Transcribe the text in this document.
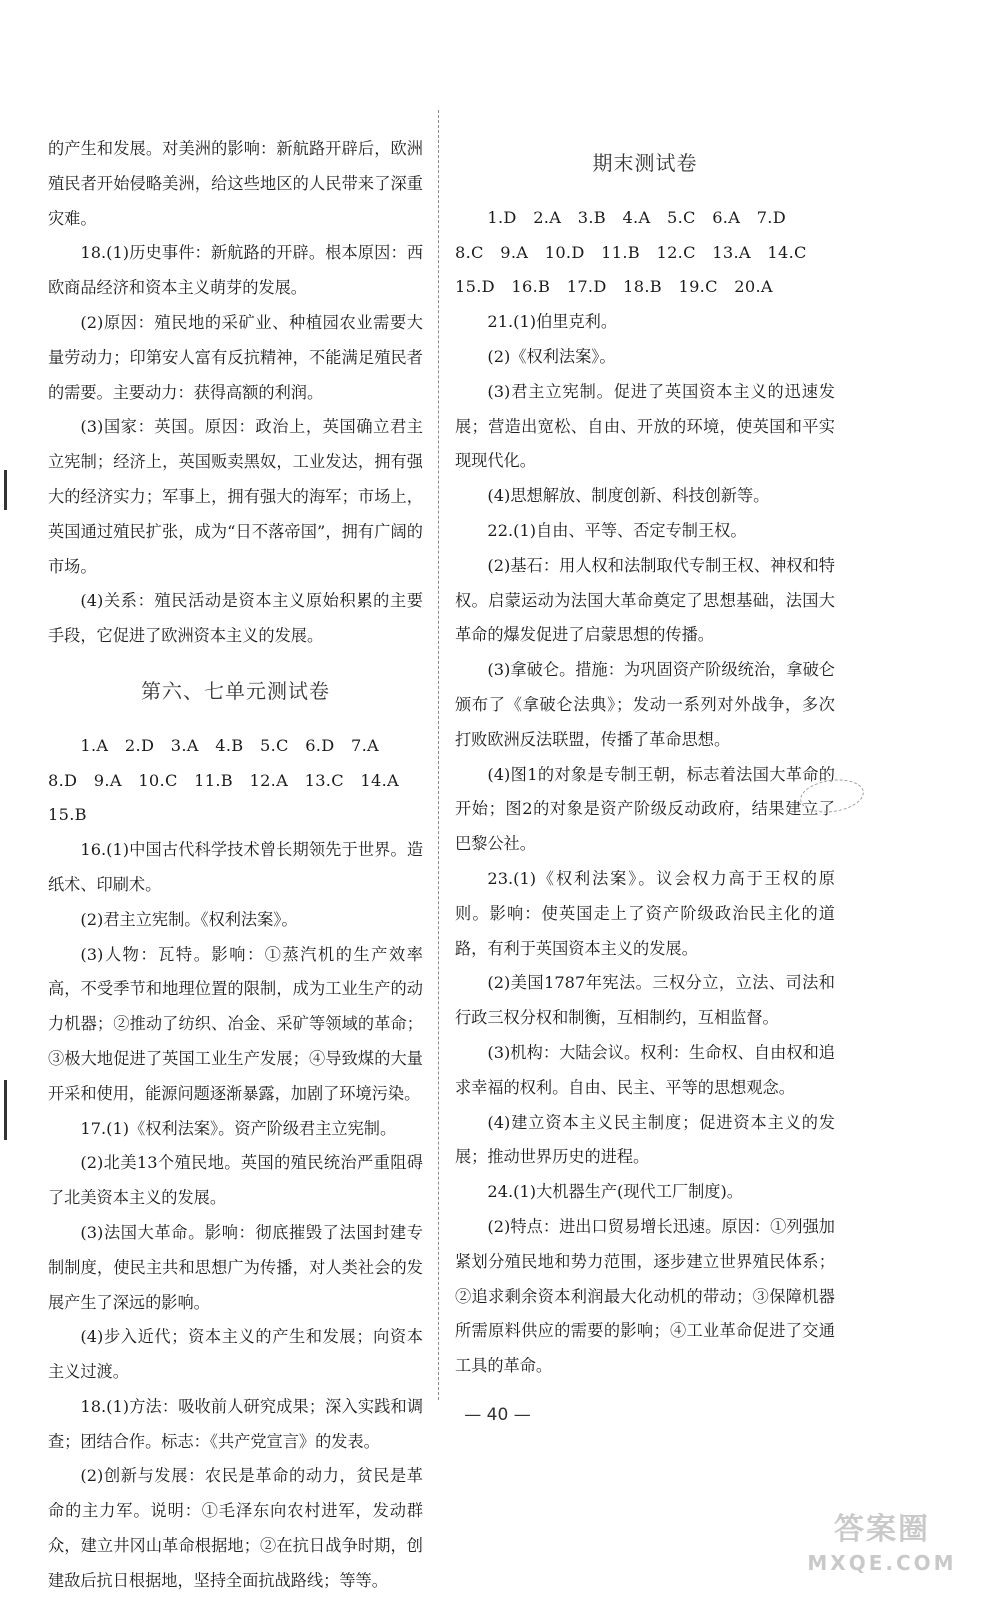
的产生和发展。对美洲的影响：新航路开辟后，欧洲殖民者开始侵略美洲，给这些地区的人民带来了深重灾难。

18.(1)历史事件：新航路的开辟。根本原因：西欧商品经济和资本主义萌芽的发展。

(2)原因：殖民地的采矿业、种植园农业需要大量劳动力；印第安人富有反抗精神，不能满足殖民者的需要。主要动力：获得高额的利润。

(3)国家：英国。原因：政治上，英国确立君主立宪制；经济上，英国贩卖黑奴，工业发达，拥有强大的经济实力；军事上，拥有强大的海军；市场上，英国通过殖民扩张，成为“日不落帝国”，拥有广阔的市场。

(4)关系：殖民活动是资本主义原始积累的主要手段，它促进了欧洲资本主义的发展。

第六、七单元测试卷

1.A　2.D　3.A　4.B　5.C　6.D　7.A

8.D　9.A　10.C　11.B　12.A　13.C　14.A

15.B

16.(1)中国古代科学技术曾长期领先于世界。造纸术、印刷术。

(2)君主立宪制。《权利法案》。

(3)人物：瓦特。影响：①蒸汽机的生产效率高，不受季节和地理位置的限制，成为工业生产的动力机器；②推动了纺织、冶金、采矿等领域的革命；③极大地促进了英国工业生产发展；④导致煤的大量开采和使用，能源问题逐渐暴露，加剧了环境污染。

17.(1)《权利法案》。资产阶级君主立宪制。

(2)北美13个殖民地。英国的殖民统治严重阻碍了北美资本主义的发展。

(3)法国大革命。影响：彻底摧毁了法国封建专制制度，使民主共和思想广为传播，对人类社会的发展产生了深远的影响。

(4)步入近代；资本主义的产生和发展；向资本主义过渡。

18.(1)方法：吸收前人研究成果；深入实践和调查；团结合作。标志：《共产党宣言》的发表。

(2)创新与发展：农民是革命的动力，贫民是革命的主力军。说明：①毛泽东向农村进军，发动群众，建立井冈山革命根据地；②在抗日战争时期，创建敌后抗日根据地，坚持全面抗战路线；等等。

期末测试卷

1.D　2.A　3.B　4.A　5.C　6.A　7.D

8.C　9.A　10.D　11.B　12.C　13.A　14.C

15.D　16.B　17.D　18.B　19.C　20.A

21.(1)伯里克利。

(2)《权利法案》。

(3)君主立宪制。促进了英国资本主义的迅速发展；营造出宽松、自由、开放的环境，使英国和平实现现代化。

(4)思想解放、制度创新、科技创新等。

22.(1)自由、平等、否定专制王权。

(2)基石：用人权和法制取代专制王权、神权和特权。启蒙运动为法国大革命奠定了思想基础，法国大革命的爆发促进了启蒙思想的传播。

(3)拿破仑。措施：为巩固资产阶级统治，拿破仑颁布了《拿破仑法典》；发动一系列对外战争，多次打败欧洲反法联盟，传播了革命思想。

(4)图1的对象是专制王朝，标志着法国大革命的开始；图2的对象是资产阶级反动政府，结果建立了巴黎公社。

23.(1)《权利法案》。议会权力高于王权的原则。影响：使英国走上了资产阶级政治民主化的道路，有利于英国资本主义的发展。

(2)美国1787年宪法。三权分立，立法、司法和行政三权分权和制衡，互相制约，互相监督。

(3)机构：大陆会议。权利：生命权、自由权和追求幸福的权利。自由、民主、平等的思想观念。

(4)建立资本主义民主制度；促进资本主义的发展；推动世界历史的进程。

24.(1)大机器生产(现代工厂制度)。

(2)特点：进出口贸易增长迅速。原因：①列强加紧划分殖民地和势力范围，逐步建立世界殖民体系；②追求剩余资本利润最大化动机的带动；③保障机器所需原料供应的需要的影响；④工业革命促进了交通工具的革命。

— 40 —
答案圈
MXQE.COM
